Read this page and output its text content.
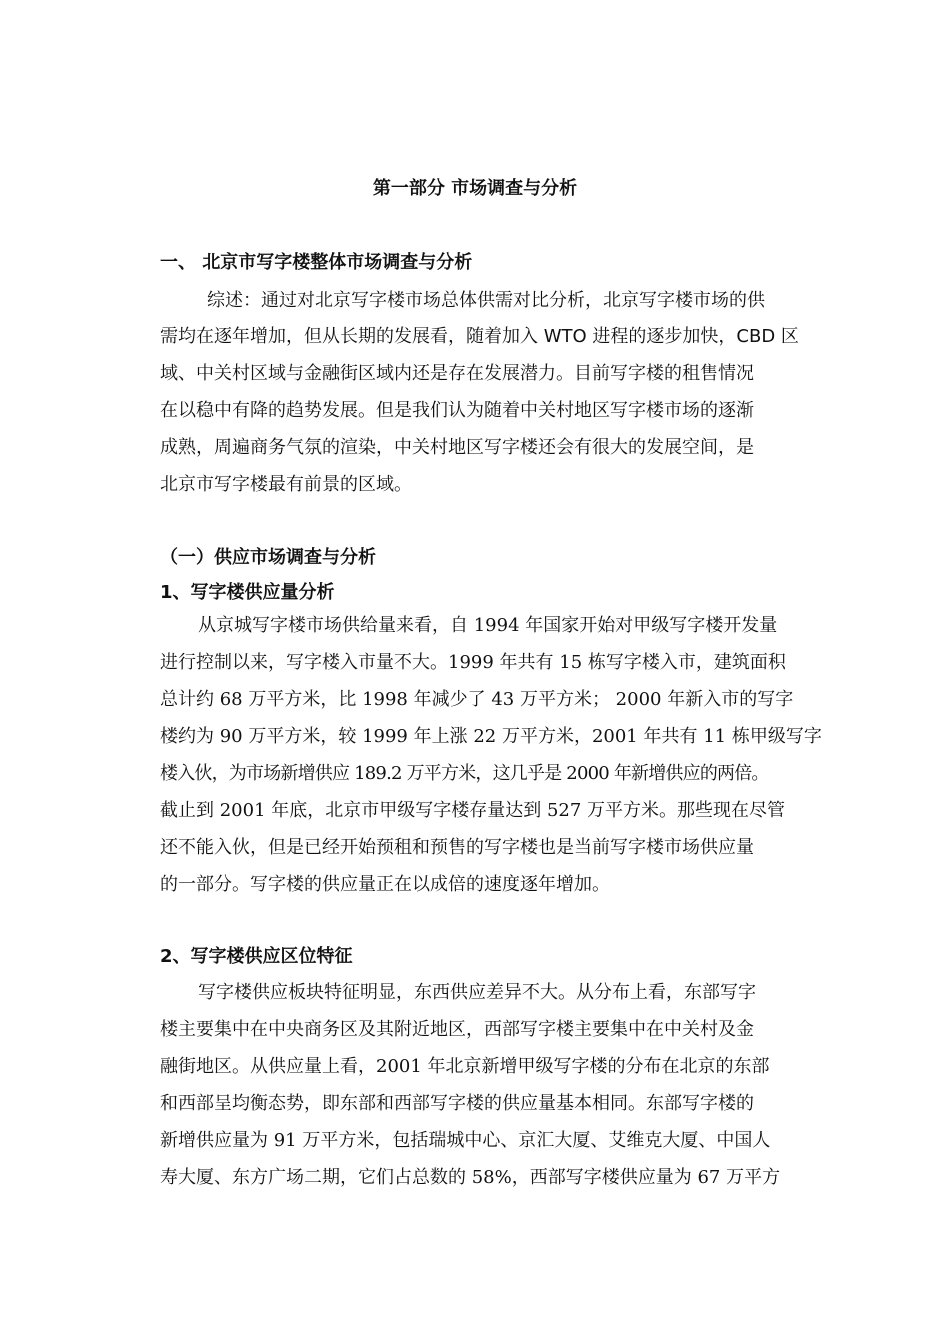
第一部分 市场调查与分析
一、 北京市写字楼整体市场调查与分析

综述：通过对北京写字楼市场总体供需对比分析，北京写字楼市场的供

需均在逐年增加，但从长期的发展看，随着加入 WTO 进程的逐步加快，CBD 区

域、中关村区域与金融街区域内还是存在发展潜力。目前写字楼的租售情况

在以稳中有降的趋势发展。但是我们认为随着中关村地区写字楼市场的逐渐

成熟，周遍商务气氛的渲染，中关村地区写字楼还会有很大的发展空间，是

北京市写字楼最有前景的区域。

（一）供应市场调查与分析
1、写字楼供应量分析

从京城写字楼市场供给量来看，自 1994 年国家开始对甲级写字楼开发量

进行控制以来，写字楼入市量不大。1999 年共有 15 栋写字楼入市，建筑面积

总计约 68 万平方米，比 1998 年减少了 43 万平方米； 2000 年新入市的写字

楼约为 90 万平方米，较 1999 年上涨 22 万平方米，2001 年共有 11 栋甲级写字

楼入伙，为市场新增供应 189.2 万平方米，这几乎是 2000 年新增供应的两倍。

截止到 2001 年底，北京市甲级写字楼存量达到 527 万平方米。那些现在尽管

还不能入伙，但是已经开始预租和预售的写字楼也是当前写字楼市场供应量

的一部分。写字楼的供应量正在以成倍的速度逐年增加。

2、写字楼供应区位特征

写字楼供应板块特征明显，东西供应差异不大。从分布上看，东部写字

楼主要集中在中央商务区及其附近地区，西部写字楼主要集中在中关村及金

融街地区。从供应量上看，2001 年北京新增甲级写字楼的分布在北京的东部

和西部呈均衡态势，即东部和西部写字楼的供应量基本相同。东部写字楼的

新增供应量为 91 万平方米，包括瑞城中心、京汇大厦、艾维克大厦、中国人

寿大厦、东方广场二期，它们占总数的 58%，西部写字楼供应量为 67 万平方
